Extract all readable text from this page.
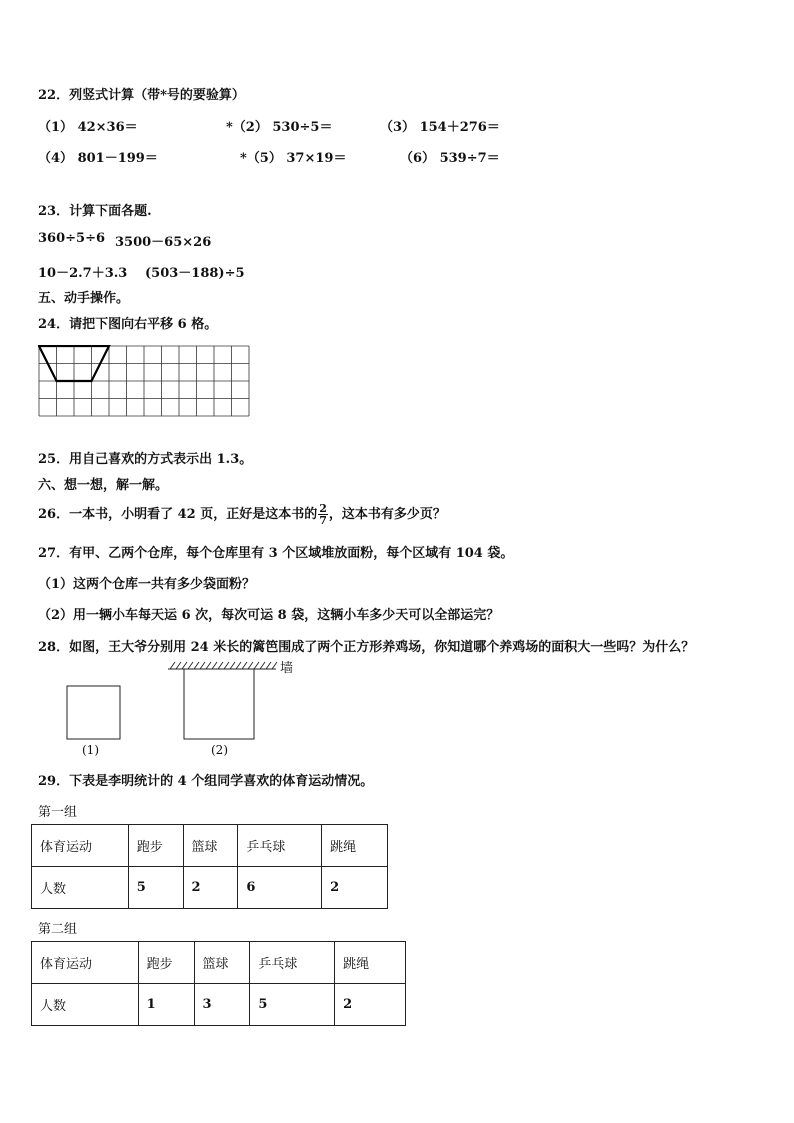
22．列竖式计算（带*号的要验算）
（1） 42×36＝	*（2） 530÷5＝	（3） 154＋276＝
（4） 801－199＝	*（5） 37×19＝	（6） 539÷7＝
23．计算下面各题.
360÷5÷6 3500－65×26
10－2.7＋3.3 (503－188)÷5
五、动手操作。
24．请把下图向右平移 6 格。
25．用自己喜欢的方式表示出 1.3。
六、想一想，解一解。
26．一本书，小明看了 42 页，正好是这本书的 $\frac{2}{7}$ ，这本书有多少页？
27．有甲、乙两个仓库，每个仓库里有 3 个区域堆放面粉，每个区域有 104 袋。
（1）这两个仓库一共有多少袋面粉？
（2）用一辆小车每天运 6 次，每次可运 8 袋，这辆小车多少天可以全部运完？
28．如图，王大爷分别用 24 米长的篱笆围成了两个正方形养鸡场，你知道哪个养鸡场的面积大一些吗？为什么？
墙
(1)	(2)
29．下表是李明统计的 4 个组同学喜欢的体育运动情况。
第一组
体育运动	跑步	篮球	乒乓球	跳绳
人数	5	2	6	2
第二组
体育运动	跑步	篮球	乒乓球	跳绳
人数	1	3	5	2
